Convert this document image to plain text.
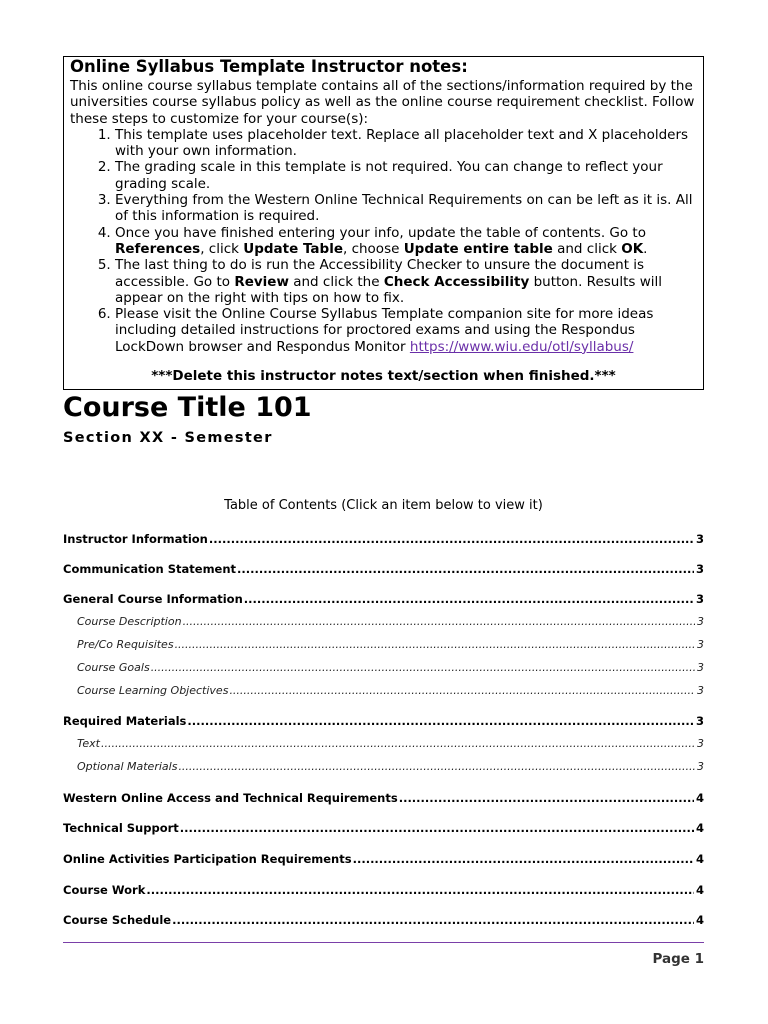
Online Syllabus Template Instructor notes:

This online course syllabus template contains all of the sections/information required by the universities course syllabus policy as well as the online course requirement checklist. Follow these steps to customize for your course(s):

1. This template uses placeholder text. Replace all placeholder text and X placeholders with your own information.
2. The grading scale in this template is not required. You can change to reflect your grading scale.
3. Everything from the Western Online Technical Requirements on can be left as it is. All of this information is required.
4. Once you have finished entering your info, update the table of contents. Go to References, click Update Table, choose Update entire table and click OK.
5. The last thing to do is run the Accessibility Checker to unsure the document is accessible. Go to Review and click the Check Accessibility button. Results will appear on the right with tips on how to fix.
6. Please visit the Online Course Syllabus Template companion site for more ideas including detailed instructions for proctored exams and using the Respondus LockDown browser and Respondus Monitor https://www.wiu.edu/otl/syllabus/

***Delete this instructor notes text/section when finished.***

Course Title 101

Section XX - Semester

Table of Contents (Click an item below to view it)

Instructor Information .....	3
Communication Statement .....	3
General Course Information .....	3
Course Description .....	3
Pre/Co Requisites .....	3
Course Goals .....	3
Course Learning Objectives .....	3
Required Materials .....	3
Text .....	3
Optional Materials .....	3
Western Online Access and Technical Requirements .....	4
Technical Support .....	4
Online Activities Participation Requirements .....	4
Course Work .....	4
Course Schedule .....	4

Page 1
